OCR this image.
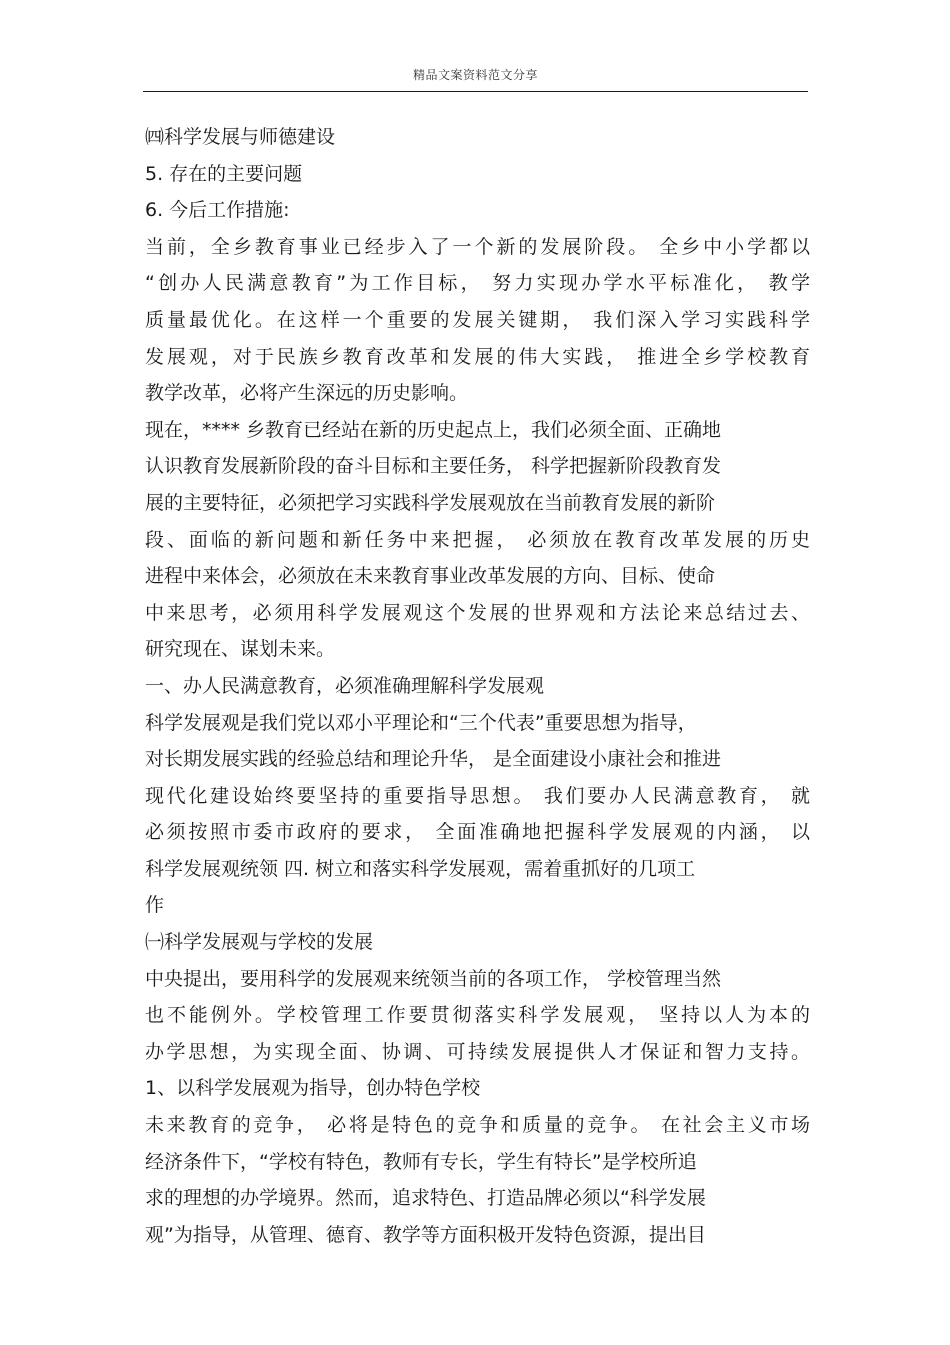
精品文案资料范文分享
㈣科学发展与师德建设
5. 存在的主要问题
6. 今后工作措施:
当前，全乡教育事业已经步入了一个新的发展阶段。 全乡中小学都以
“创办人民满意教育”为工作目标， 努力实现办学水平标准化， 教学
质量最优化。在这样一个重要的发展关键期， 我们深入学习实践科学
发展观，对于民族乡教育改革和发展的伟大实践， 推进全乡学校教育
教学改革，必将产生深远的历史影响。
现在，**** 乡教育已经站在新的历史起点上，我们必须全面、正确地
认识教育发展新阶段的奋斗目标和主要任务， 科学把握新阶段教育发
展的主要特征，必须把学习实践科学发展观放在当前教育发展的新阶
段、面临的新问题和新任务中来把握， 必须放在教育改革发展的历史
进程中来体会，必须放在未来教育事业改革发展的方向、目标、使命
中来思考，必须用科学发展观这个发展的世界观和方法论来总结过去、
研究现在、谋划未来。
一、办人民满意教育，必须准确理解科学发展观
科学发展观是我们党以邓小平理论和“三个代表”重要思想为指导，
对长期发展实践的经验总结和理论升华， 是全面建设小康社会和推进
现代化建设始终要坚持的重要指导思想。 我们要办人民满意教育， 就
必须按照市委市政府的要求， 全面准确地把握科学发展观的内涵， 以
科学发展观统领 四. 树立和落实科学发展观，需着重抓好的几项工
作
㈠科学发展观与学校的发展
中央提出，要用科学的发展观来统领当前的各项工作， 学校管理当然
也不能例外。学校管理工作要贯彻落实科学发展观， 坚持以人为本的
办学思想，为实现全面、协调、可持续发展提供人才保证和智力支持。
1、以科学发展观为指导，创办特色学校
未来教育的竞争， 必将是特色的竞争和质量的竞争。 在社会主义市场
经济条件下，“学校有特色，教师有专长，学生有特长”是学校所追
求的理想的办学境界。然而，追求特色、打造品牌必须以“科学发展
观”为指导，从管理、德育、教学等方面积极开发特色资源，提出目
